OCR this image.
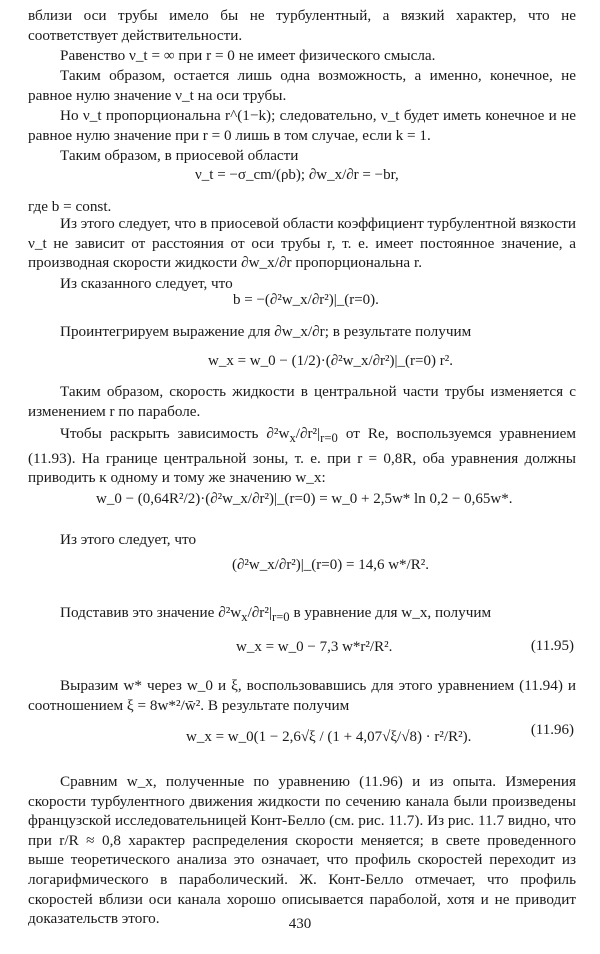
вблизи оси трубы имело бы не турбулентный, а вязкий характер, что не соответствует действительности.

Равенство ν_t = ∞ при r = 0 не имеет физического смысла.

Таким образом, остается лишь одна возможность, а именно, конечное, не равное нулю значение ν_t на оси трубы.

Но ν_t пропорциональна r^(1−k); следовательно, ν_t будет иметь конечное и не равное нулю значение при r = 0 лишь в том случае, если k = 1.

Таким образом, в приосевой области

ν_t = −σ_cm/(ρb); ∂w_x/∂r = −br,

где b = const.

Из этого следует, что в приосевой области коэффициент турбулентной вязкости ν_t не зависит от расстояния от оси трубы r, т. е. имеет постоянное значение, а производная скорости жидкости ∂w_x/∂r пропорциональна r.

Из сказанного следует, что

b = −(∂²w_x/∂r²)|_(r=0).

Проинтегрируем выражение для ∂w_x/∂r; в результате получим

w_x = w_0 − (1/2)·(∂²w_x/∂r²)|_(r=0) r².

Таким образом, скорость жидкости в центральной части трубы изменяется с изменением r по параболе.

Чтобы раскрыть зависимость $\partial^2w_x/\partial r^2|_{r=0}$ от Re, воспользуемся уравнением (11.93). На границе центральной зоны, т. е. при r = 0,8R, оба уравнения должны приводить к одному и тому же значению w_x:

w_0 − (0,64R²/2)·(∂²w_x/∂r²)|_(r=0) = w_0 + 2,5w* ln 0,2 − 0,65w*.

Из этого следует, что

(∂²w_x/∂r²)|_(r=0) = 14,6 w*/R².

Подставив это значение $\partial^2w_x/\partial r^2|_{r=0}$ в уравнение для w_x, получим

w_x = w_0 − 7,3 w*r²/R².	(11.95)

Выразим w* через w_0 и ξ, воспользовавшись для этого уравнением (11.94) и соотношением ξ = 8w*²/w̄². В результате получим

w_x = w_0(1 − 2,6√ξ / (1 + 4,07√ξ/√8) · r²/R²).	(11.96)

Сравним w_x, полученные по уравнению (11.96) и из опыта. Измерения скорости турбулентного движения жидкости по сечению канала были произведены французской исследовательницей Конт-Белло (см. рис. 11.7). Из рис. 11.7 видно, что при r/R ≈ 0,8 характер распределения скорости меняется; в свете проведенного выше теоретического анализа это означает, что профиль скоростей переходит из логарифмического в параболический. Ж. Конт-Белло отмечает, что профиль скоростей вблизи оси канала хорошо описывается параболой, хотя и не приводит доказательств этого.	430
